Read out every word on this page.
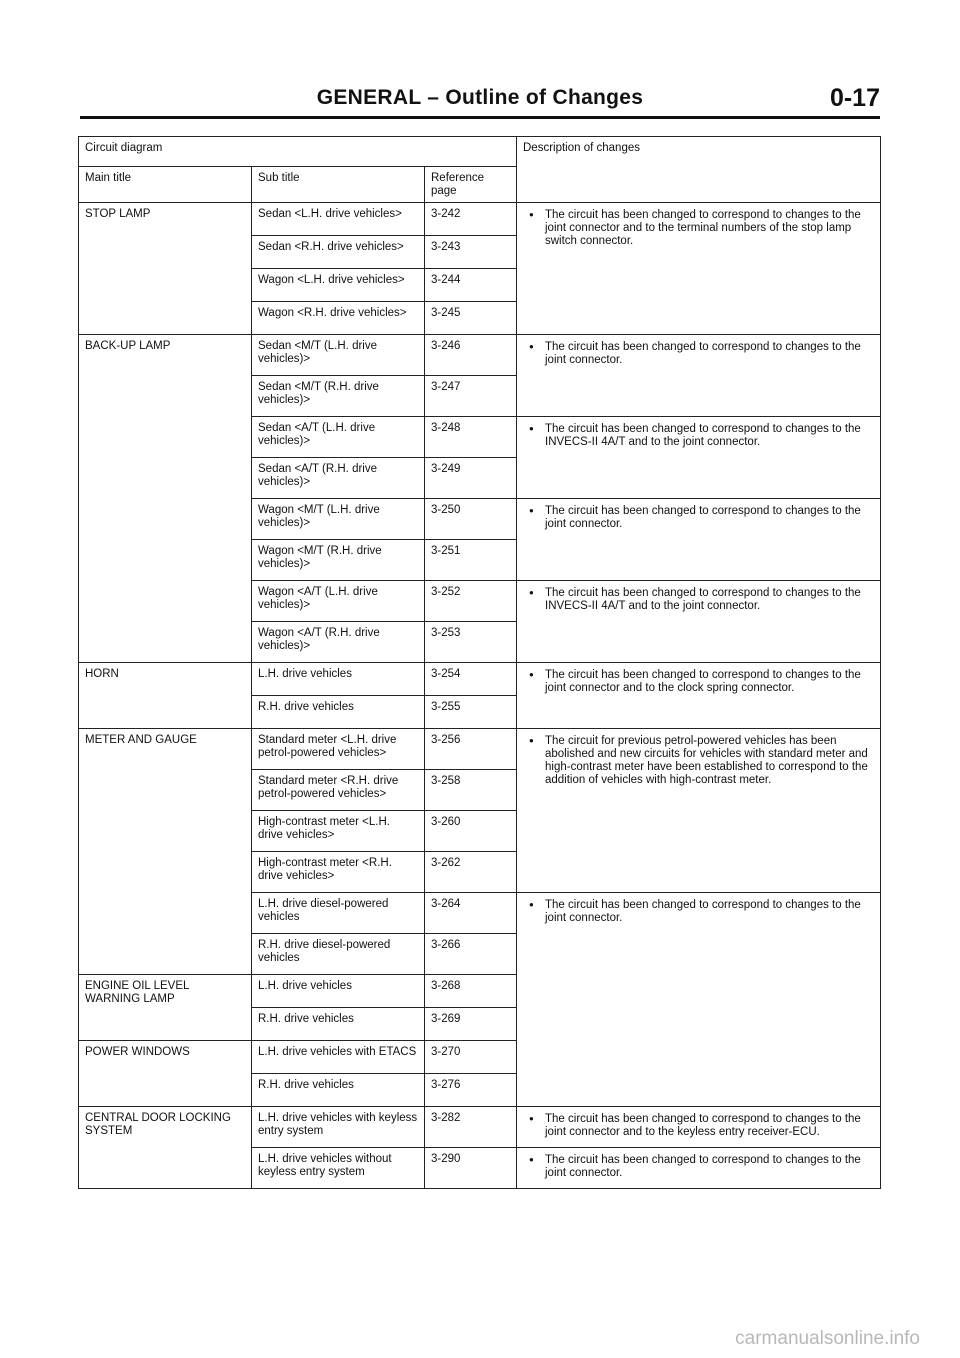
GENERAL – Outline of Changes	0-17
Circuit diagram			Description of changes
Main title	Sub title	Reference page	
STOP LAMP	Sedan <L.H. drive vehicles>	3-242	● The circuit has been changed to correspond to changes to the joint connector and to the terminal numbers of the stop lamp switch connector.

	Sedan <R.H. drive vehicles>	3-243	
	Wagon <L.H. drive vehicles>	3-244	
	Wagon <R.H. drive vehicles>	3-245	
BACK-UP LAMP	Sedan <M/T (L.H. drive vehicles)>	3-246	● The circuit has been changed to correspond to changes to the joint connector.

	Sedan <M/T (R.H. drive vehicles)>	3-247	
	Sedan <A/T (L.H. drive vehicles)>	3-248	● The circuit has been changed to correspond to changes to the INVECS-II 4A/T and to the joint connector.

	Sedan <A/T (R.H. drive vehicles)>	3-249	
	Wagon <M/T (L.H. drive vehicles)>	3-250	● The circuit has been changed to correspond to changes to the joint connector.

	Wagon <M/T (R.H. drive vehicles)>	3-251	
	Wagon <A/T (L.H. drive vehicles)>	3-252	● The circuit has been changed to correspond to changes to the INVECS-II 4A/T and to the joint connector.

	Wagon <A/T (R.H. drive vehicles)>	3-253	
HORN	L.H. drive vehicles	3-254	● The circuit has been changed to correspond to changes to the joint connector and to the clock spring connector.

	R.H. drive vehicles	3-255	
METER AND GAUGE	Standard meter <L.H. drive petrol-powered vehicles>	3-256	● The circuit for previous petrol-powered vehicles has been abolished and new circuits for vehicles with standard meter and high-contrast meter have been established to correspond to the addition of vehicles with high-contrast meter.

	Standard meter <R.H. drive petrol-powered vehicles>	3-258	
	High-contrast meter <L.H. drive vehicles>	3-260	
	High-contrast meter <R.H. drive vehicles>	3-262	
	L.H. drive diesel-powered vehicles	3-264	● The circuit has been changed to correspond to changes to the joint connector.

	R.H. drive diesel-powered vehicles	3-266	
ENGINE OIL LEVEL WARNING LAMP	L.H. drive vehicles	3-268	
	R.H. drive vehicles	3-269	
POWER WINDOWS	L.H. drive vehicles with ETACS	3-270	
	R.H. drive vehicles	3-276	
CENTRAL DOOR LOCKING SYSTEM	L.H. drive vehicles with keyless entry system	3-282	● The circuit has been changed to correspond to changes to the joint connector and to the keyless entry receiver-ECU.

	L.H. drive vehicles without keyless entry system	3-290	● The circuit has been changed to correspond to changes to the joint connector.
carmanualsonline.info
